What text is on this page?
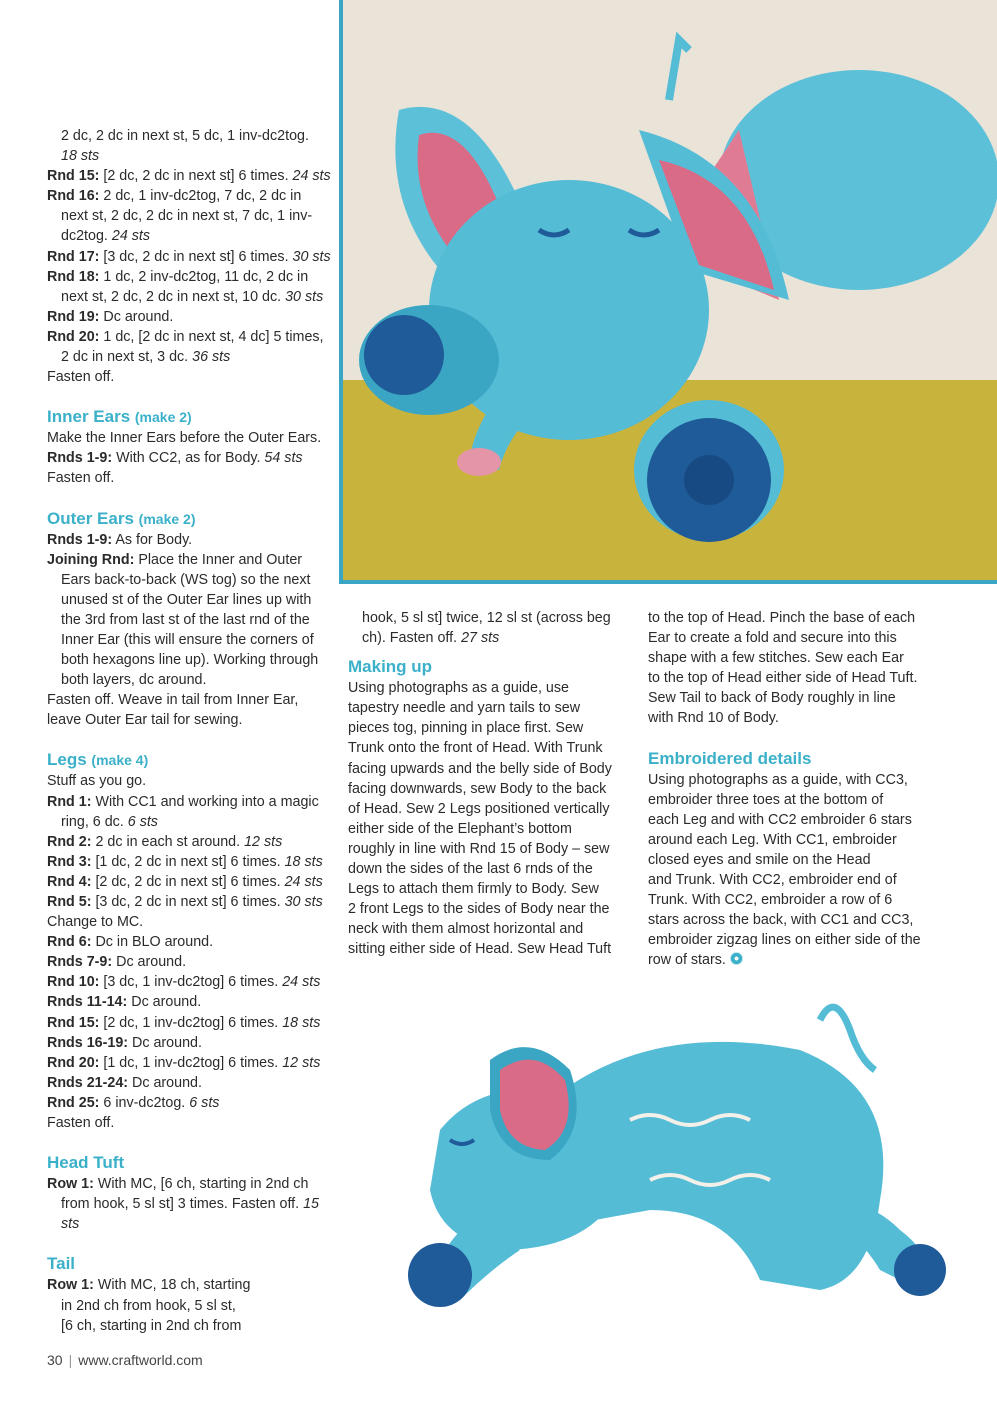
2 dc, 2 dc in next st, 5 dc, 1 inv-dc2tog.

18 sts

Rnd 15: [2 dc, 2 dc in next st] 6 times. 24 sts

Rnd 16: 2 dc, 1 inv-dc2tog, 7 dc, 2 dc in

next st, 2 dc, 2 dc in next st, 7 dc, 1 inv-

dc2tog. 24 sts

Rnd 17: [3 dc, 2 dc in next st] 6 times. 30 sts

Rnd 18: 1 dc, 2 inv-dc2tog, 11 dc, 2 dc in

next st, 2 dc, 2 dc in next st, 10 dc. 30 sts

Rnd 19: Dc around.

Rnd 20: 1 dc, [2 dc in next st, 4 dc] 5 times,

2 dc in next st, 3 dc. 36 sts

Fasten off.

Inner Ears (make 2)

Make the Inner Ears before the Outer Ears.

Rnds 1-9: With CC2, as for Body. 54 sts

Fasten off.

Outer Ears (make 2)

Rnds 1-9: As for Body.

Joining Rnd: Place the Inner and Outer

Ears back-to-back (WS tog) so the next

unused st of the Outer Ear lines up with

the 3rd from last st of the last rnd of the

Inner Ear (this will ensure the corners of

both hexagons line up). Working through

both layers, dc around.

Fasten off. Weave in tail from Inner Ear,

leave Outer Ear tail for sewing.

Legs (make 4)

Stuff as you go.

Rnd 1: With CC1 and working into a magic

ring, 6 dc. 6 sts

Rnd 2: 2 dc in each st around. 12 sts

Rnd 3: [1 dc, 2 dc in next st] 6 times. 18 sts

Rnd 4: [2 dc, 2 dc in next st] 6 times. 24 sts

Rnd 5: [3 dc, 2 dc in next st] 6 times. 30 sts

Change to MC.

Rnd 6: Dc in BLO around.

Rnds 7-9: Dc around.

Rnd 10: [3 dc, 1 inv-dc2tog] 6 times. 24 sts

Rnds 11-14: Dc around.

Rnd 15: [2 dc, 1 inv-dc2tog] 6 times. 18 sts

Rnds 16-19: Dc around.

Rnd 20: [1 dc, 1 inv-dc2tog] 6 times. 12 sts

Rnds 21-24: Dc around.

Rnd 25: 6 inv-dc2tog. 6 sts

Fasten off.

Head Tuft

Row 1: With MC, [6 ch, starting in 2nd ch

from hook, 5 sl st] 3 times. Fasten off. 15 sts

Tail

Row 1: With MC, 18 ch, starting

in 2nd ch from hook, 5 sl st,

[6 ch, starting in 2nd ch from

hook, 5 sl st] twice, 12 sl st (across beg

ch). Fasten off. 27 sts

Making up

Using photographs as a guide, use

tapestry needle and yarn tails to sew

pieces tog, pinning in place first. Sew

Trunk onto the front of Head. With Trunk

facing upwards and the belly side of Body

facing downwards, sew Body to the back

of Head. Sew 2 Legs positioned vertically

either side of the Elephant’s bottom

roughly in line with Rnd 15 of Body – sew

down the sides of the last 6 rnds of the

Legs to attach them firmly to Body. Sew

2 front Legs to the sides of Body near the

neck with them almost horizontal and

sitting either side of Head. Sew Head Tuft

to the top of Head. Pinch the base of each

Ear to create a fold and secure into this

shape with a few stitches. Sew each Ear

to the top of Head either side of Head Tuft.

Sew Tail to back of Body roughly in line

with Rnd 10 of Body.

Embroidered details

Using photographs as a guide, with CC3,

embroider three toes at the bottom of

each Leg and with CC2 embroider 6 stars

around each Leg. With CC1, embroider

closed eyes and smile on the Head

and Trunk. With CC2, embroider end of

Trunk. With CC2, embroider a row of 6

stars across the back, with CC1 and CC3,

embroider zigzag lines on either side of the

row of stars.

30 | www.craftworld.com
